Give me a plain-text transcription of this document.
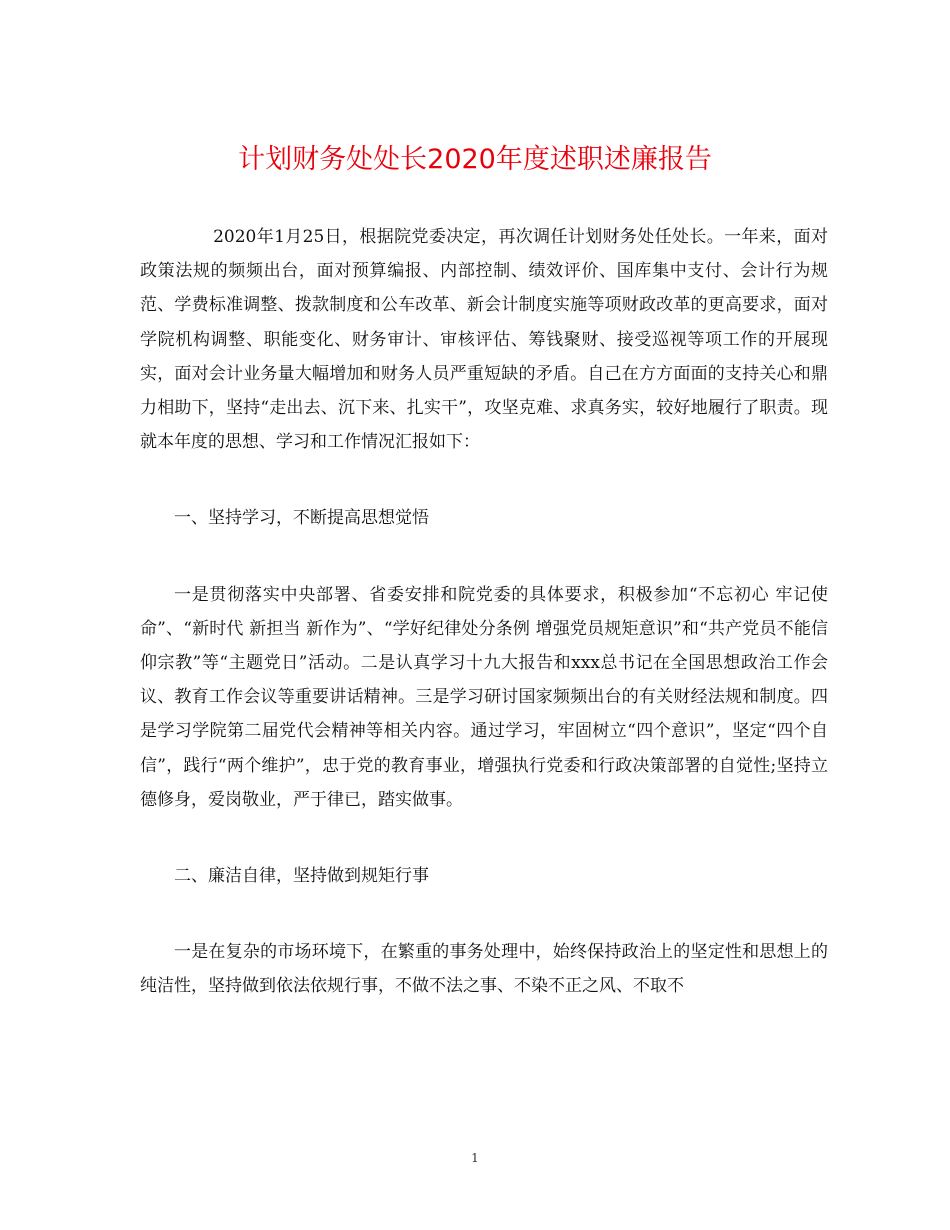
计划财务处处长2020年度述职述廉报告

2020年1月25日，根据院党委决定，再次调任计划财务处任处长。一年来，面对政策法规的频频出台，面对预算编报、内部控制、绩效评价、国库集中支付、会计行为规范、学费标准调整、拨款制度和公车改革、新会计制度实施等项财政改革的更高要求，面对学院机构调整、职能变化、财务审计、审核评估、筹钱聚财、接受巡视等项工作的开展现实，面对会计业务量大幅增加和财务人员严重短缺的矛盾。自己在方方面面的支持关心和鼎力相助下，坚持“走出去、沉下来、扎实干”，攻坚克难、求真务实，较好地履行了职责。现就本年度的思想、学习和工作情况汇报如下：

一、坚持学习，不断提高思想觉悟

一是贯彻落实中央部署、省委安排和院党委的具体要求，积极参加“不忘初心 牢记使命”、“新时代 新担当 新作为”、“学好纪律处分条例 增强党员规矩意识”和“共产党员不能信仰宗教”等“主题党日”活动。二是认真学习十九大报告和xxx总书记在全国思想政治工作会议、教育工作会议等重要讲话精神。三是学习研讨国家频频出台的有关财经法规和制度。四是学习学院第二届党代会精神等相关内容。通过学习，牢固树立“四个意识”，坚定“四个自信”，践行“两个维护”，忠于党的教育事业，增强执行党委和行政决策部署的自觉性;坚持立德修身，爱岗敬业，严于律已，踏实做事。

二、廉洁自律，坚持做到规矩行事

一是在复杂的市场环境下，在繁重的事务处理中，始终保持政治上的坚定性和思想上的纯洁性，坚持做到依法依规行事，不做不法之事、不染不正之风、不取不

1
